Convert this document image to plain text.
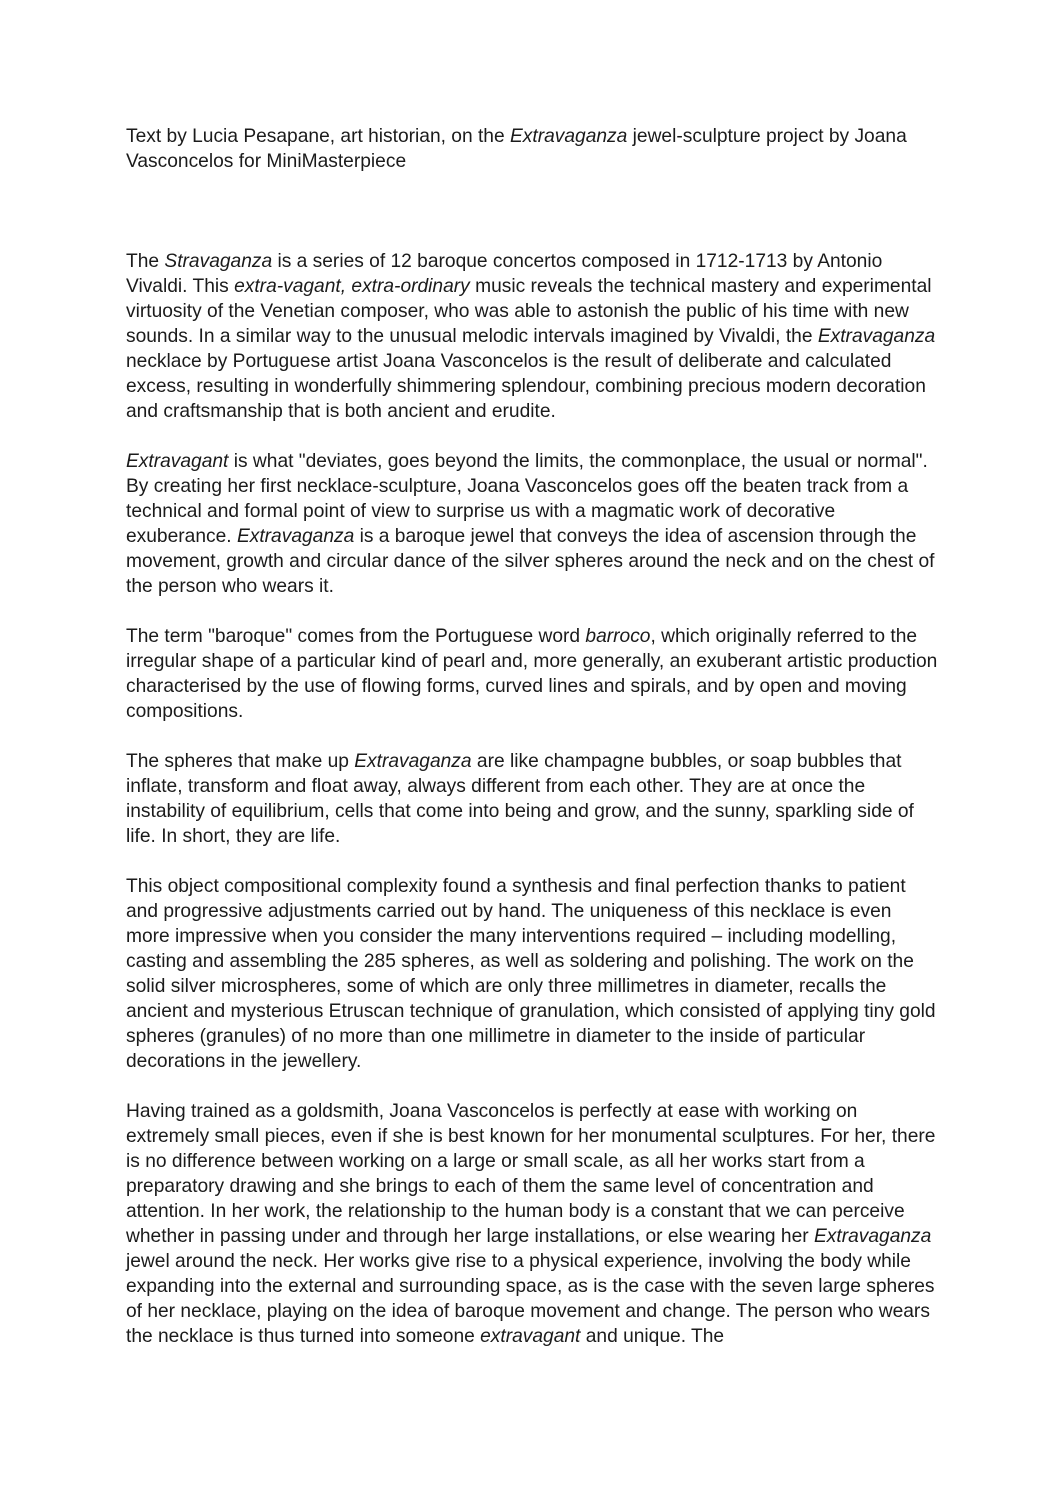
Text by Lucia Pesapane, art historian, on the Extravaganza jewel-sculpture project by Joana Vasconcelos for MiniMasterpiece

The Stravaganza is a series of 12 baroque concertos composed in 1712-1713 by Antonio Vivaldi. This extra-vagant, extra-ordinary music reveals the technical mastery and experimental virtuosity of the Venetian composer, who was able to astonish the public of his time with new sounds. In a similar way to the unusual melodic intervals imagined by Vivaldi, the Extravaganza necklace by Portuguese artist Joana Vasconcelos is the result of deliberate and calculated excess, resulting in wonderfully shimmering splendour, combining precious modern decoration and craftsmanship that is both ancient and erudite.

Extravagant is what "deviates, goes beyond the limits, the commonplace, the usual or normal". By creating her first necklace-sculpture, Joana Vasconcelos goes off the beaten track from a technical and formal point of view to surprise us with a magmatic work of decorative exuberance. Extravaganza is a baroque jewel that conveys the idea of ascension through the movement, growth and circular dance of the silver spheres around the neck and on the chest of the person who wears it.

The term "baroque" comes from the Portuguese word barroco, which originally referred to the irregular shape of a particular kind of pearl and, more generally, an exuberant artistic production characterised by the use of flowing forms, curved lines and spirals, and by open and moving compositions.

The spheres that make up Extravaganza are like champagne bubbles, or soap bubbles that inflate, transform and float away, always different from each other. They are at once the instability of equilibrium, cells that come into being and grow, and the sunny, sparkling side of life. In short, they are life.

This object compositional complexity found a synthesis and final perfection thanks to patient and progressive adjustments carried out by hand. The uniqueness of this necklace is even more impressive when you consider the many interventions required – including modelling, casting and assembling the 285 spheres, as well as soldering and polishing. The work on the solid silver microspheres, some of which are only three millimetres in diameter, recalls the ancient and mysterious Etruscan technique of granulation, which consisted of applying tiny gold spheres (granules) of no more than one millimetre in diameter to the inside of particular decorations in the jewellery.

Having trained as a goldsmith, Joana Vasconcelos is perfectly at ease with working on extremely small pieces, even if she is best known for her monumental sculptures. For her, there is no difference between working on a large or small scale, as all her works start from a preparatory drawing and she brings to each of them the same level of concentration and attention. In her work, the relationship to the human body is a constant that we can perceive whether in passing under and through her large installations, or else wearing her Extravaganza jewel around the neck. Her works give rise to a physical experience, involving the body while expanding into the external and surrounding space, as is the case with the seven large spheres of her necklace, playing on the idea of baroque movement and change. The person who wears the necklace is thus turned into someone extravagant and unique. The
